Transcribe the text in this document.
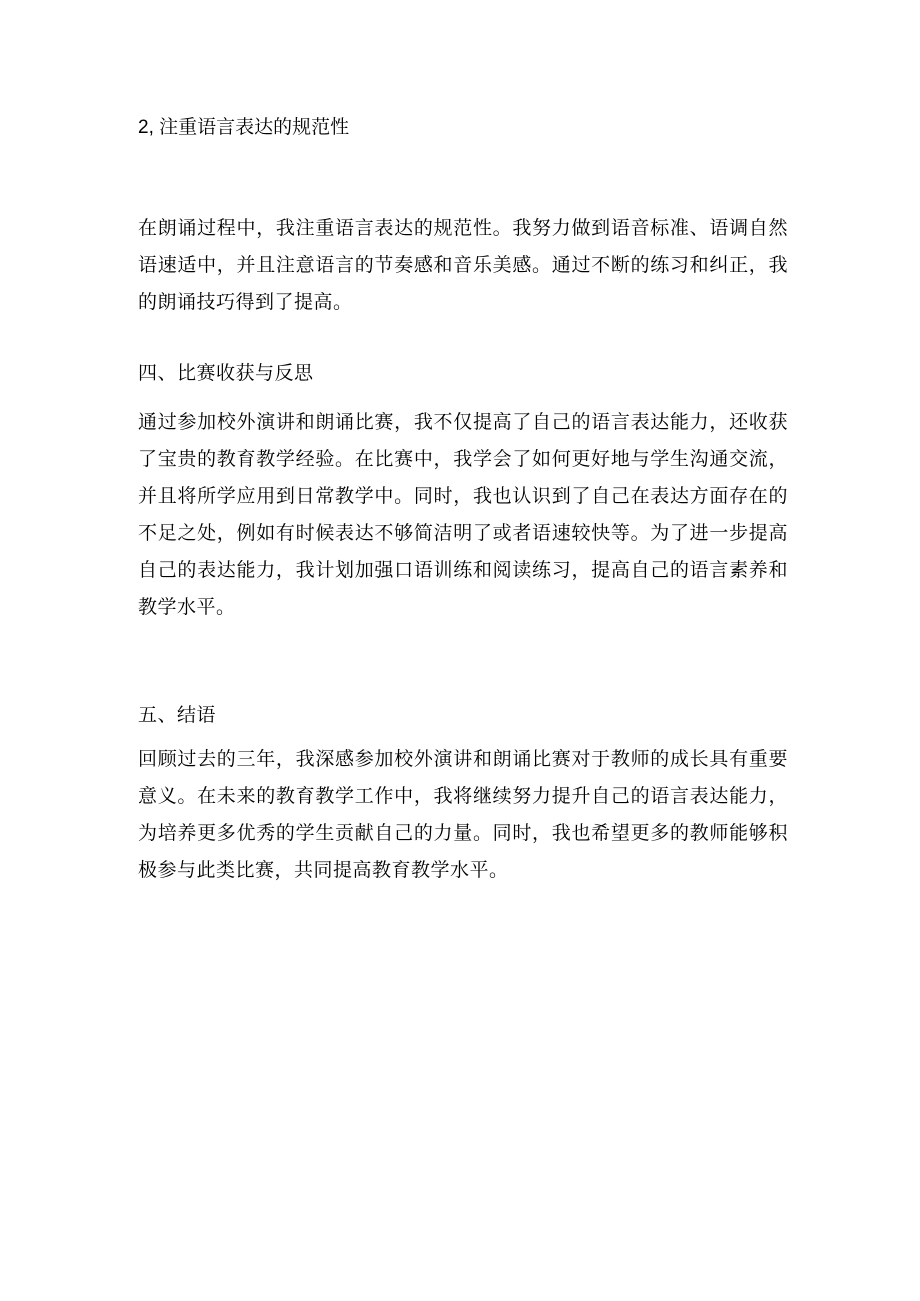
2, 注重语言表达的规范性
在朗诵过程中，我注重语言表达的规范性。我努力做到语音标准、语调自然语速适中，并且注意语言的节奏感和音乐美感。通过不断的练习和纠正，我的朗诵技巧得到了提高。
四、比赛收获与反思
通过参加校外演讲和朗诵比赛，我不仅提高了自己的语言表达能力，还收获了宝贵的教育教学经验。在比赛中，我学会了如何更好地与学生沟通交流，并且将所学应用到日常教学中。同时，我也认识到了自己在表达方面存在的不足之处，例如有时候表达不够简洁明了或者语速较快等。为了进一步提高自己的表达能力，我计划加强口语训练和阅读练习，提高自己的语言素养和教学水平。
五、结语
回顾过去的三年，我深感参加校外演讲和朗诵比赛对于教师的成长具有重要意义。在未来的教育教学工作中，我将继续努力提升自己的语言表达能力，为培养更多优秀的学生贡献自己的力量。同时，我也希望更多的教师能够积极参与此类比赛，共同提高教育教学水平。
